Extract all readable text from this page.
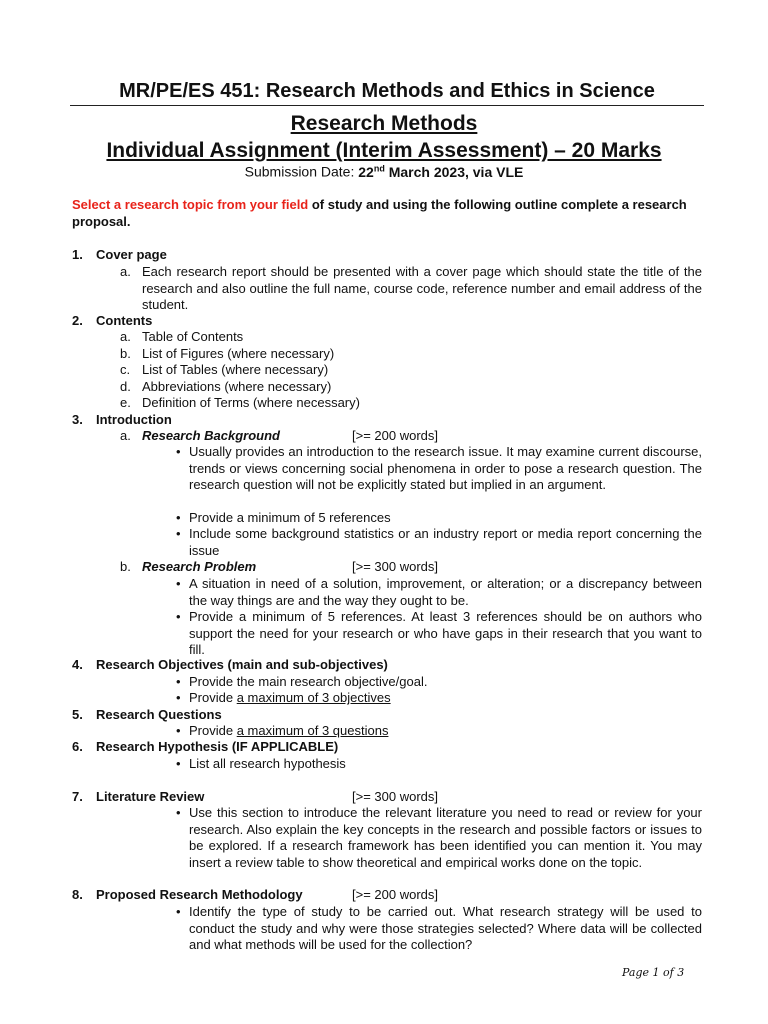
MR/PE/ES 451: Research Methods and Ethics in Science
Research Methods
Individual Assignment (Interim Assessment) – 20 Marks
Submission Date: 22nd March 2023, via VLE
Select a research topic from your field of study and using the following outline complete a research proposal.
1. Cover page
a. Each research report should be presented with a cover page which should state the title of the research and also outline the full name, course code, reference number and email address of the student.
2. Contents
a. Table of Contents
b. List of Figures (where necessary)
c. List of Tables (where necessary)
d. Abbreviations (where necessary)
e. Definition of Terms (where necessary)
3. Introduction
a. Research Background	[>= 200 words]
• Usually provides an introduction to the research issue. It may examine current discourse, trends or views concerning social phenomena in order to pose a research question. The research question will not be explicitly stated but implied in an argument.
• Provide a minimum of 5 references
• Include some background statistics or an industry report or media report concerning the issue
b. Research Problem	[>= 300 words]
• A situation in need of a solution, improvement, or alteration; or a discrepancy between the way things are and the way they ought to be.
• Provide a minimum of 5 references. At least 3 references should be on authors who support the need for your research or who have gaps in their research that you want to fill.
4. Research Objectives (main and sub-objectives)
• Provide the main research objective/goal.
• Provide a maximum of 3 objectives
5. Research Questions
• Provide a maximum of 3 questions
6. Research Hypothesis (IF APPLICABLE)
• List all research hypothesis
7. Literature Review	[>= 300 words]
• Use this section to introduce the relevant literature you need to read or review for your research. Also explain the key concepts in the research and possible factors or issues to be explored. If a research framework has been identified you can mention it. You may insert a review table to show theoretical and empirical works done on the topic.
8. Proposed Research Methodology	[>= 200 words]
• Identify the type of study to be carried out. What research strategy will be used to conduct the study and why were those strategies selected? Where data will be collected and what methods will be used for the collection?
Page 1 of 3
